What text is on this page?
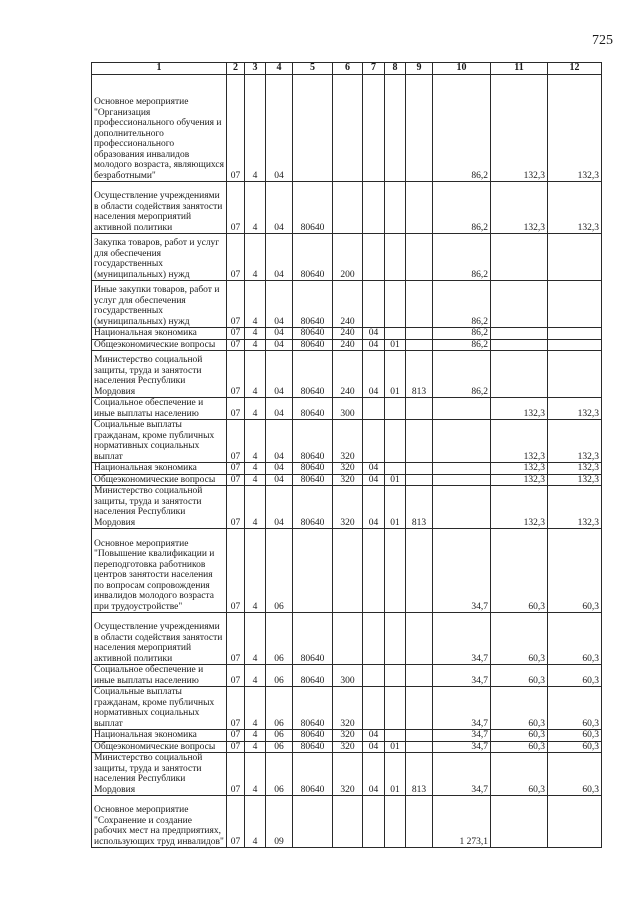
725
1	2	3	4	5	6	7	8	9	10	11	12
Основное мероприятие "Организация профессионального обучения и дополнительного профессионального образования инвалидов молодого возраста, являющихся безработными"	07	4	04						86,2	132,3	132,3
Осуществление учреждениями в области содействия занятости населения мероприятий активной политики	07	4	04	80640					86,2	132,3	132,3
Закупка товаров, работ и услуг для обеспечения государственных (муниципальных) нужд	07	4	04	80640	200				86,2		
Иные закупки товаров, работ и услуг для обеспечения государственных (муниципальных) нужд	07	4	04	80640	240				86,2		
Национальная экономика	07	4	04	80640	240	04			86,2		
Общеэкономические вопросы	07	4	04	80640	240	04	01		86,2		
Министерство социальной защиты, труда и занятости населения Республики Мордовия	07	4	04	80640	240	04	01	813	86,2		
Социальное обеспечение и иные выплаты населению	07	4	04	80640	300					132,3	132,3
Социальные выплаты гражданам, кроме публичных нормативных социальных выплат	07	4	04	80640	320					132,3	132,3
Национальная экономика	07	4	04	80640	320	04				132,3	132,3
Общеэкономические вопросы	07	4	04	80640	320	04	01			132,3	132,3
Министерство социальной защиты, труда и занятости населения Республики Мордовия	07	4	04	80640	320	04	01	813		132,3	132,3
Основное мероприятие "Повышение квалификации и переподготовка работников центров занятости населения по вопросам сопровождения инвалидов молодого возраста при трудоустройстве"	07	4	06						34,7	60,3	60,3
Осуществление учреждениями в области содействия занятости населения мероприятий активной политики	07	4	06	80640					34,7	60,3	60,3
Социальное обеспечение и иные выплаты населению	07	4	06	80640	300				34,7	60,3	60,3
Социальные выплаты гражданам, кроме публичных нормативных социальных выплат	07	4	06	80640	320				34,7	60,3	60,3
Национальная экономика	07	4	06	80640	320	04			34,7	60,3	60,3
Общеэкономические вопросы	07	4	06	80640	320	04	01		34,7	60,3	60,3
Министерство социальной защиты, труда и занятости населения Республики Мордовия	07	4	06	80640	320	04	01	813	34,7	60,3	60,3
Основное мероприятие "Сохранение и создание рабочих мест на предприятиях, использующих труд инвалидов"	07	4	09						1 273,1		
